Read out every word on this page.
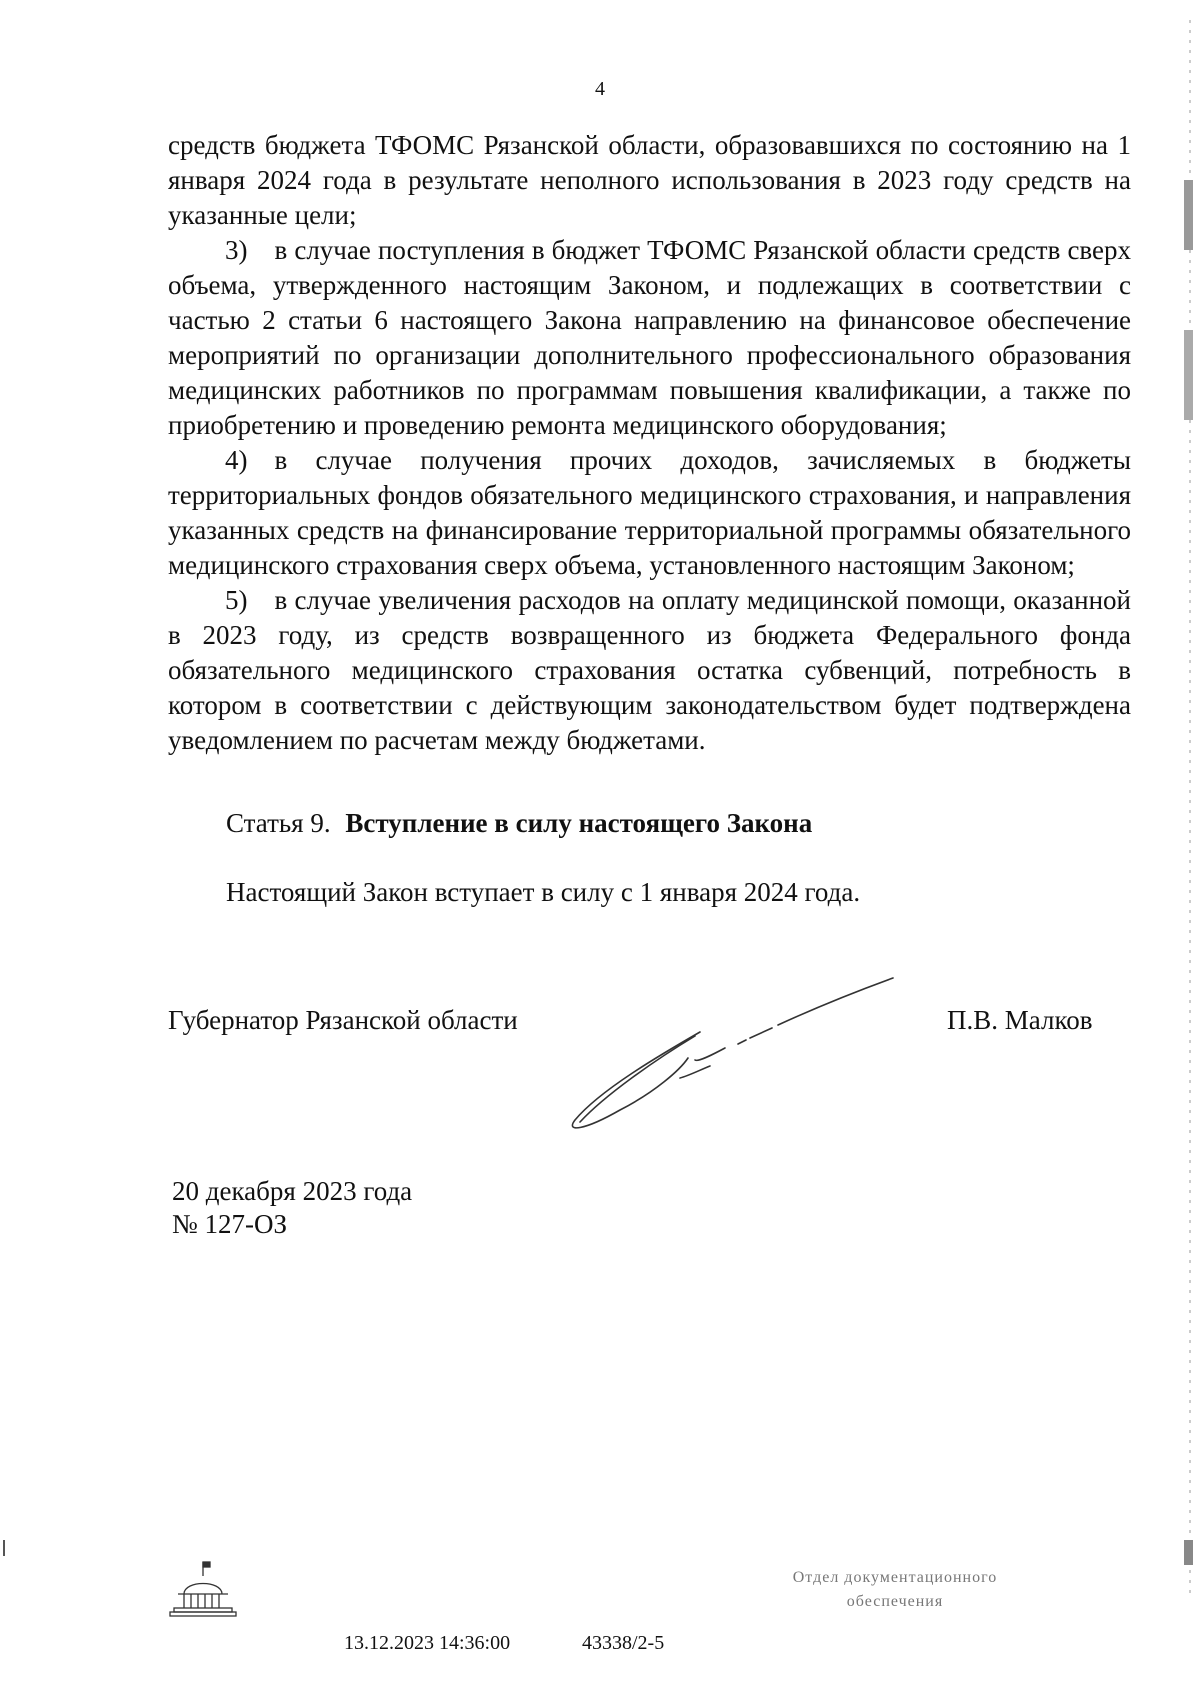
4

средств бюджета ТФОМС Рязанской области, образовавшихся по состоянию на 1 января 2024 года в результате неполного использования в 2023 году средств на указанные цели;

3) в случае поступления в бюджет ТФОМС Рязанской области средств сверх объема, утвержденного настоящим Законом, и подлежащих в соответствии с частью 2 статьи 6 настоящего Закона направлению на финансовое обеспечение мероприятий по организации дополнительного профессионального образования медицинских работников по программам повышения квалификации, а также по приобретению и проведению ремонта медицинского оборудования;

4) в случае получения прочих доходов, зачисляемых в бюджеты территориальных фондов обязательного медицинского страхования, и направления указанных средств на финансирование территориальной программы обязательного медицинского страхования сверх объема, установленного настоящим Законом;

5) в случае увеличения расходов на оплату медицинской помощи, оказанной в 2023 году, из средств возвращенного из бюджета Федерального фонда обязательного медицинского страхования остатка субвенций, потребность в котором в соответствии с действующим законодательством будет подтверждена уведомлением по расчетам между бюджетами.

Статья 9. Вступление в силу настоящего Закона
Настоящий Закон вступает в силу с 1 января 2024 года.
Губернатор Рязанской области	П.В. Малков
20 декабря 2023 года
№ 127-ОЗ
13.12.2023 14:36:00	43338/2-5
Отдел документационного
обеспечения
